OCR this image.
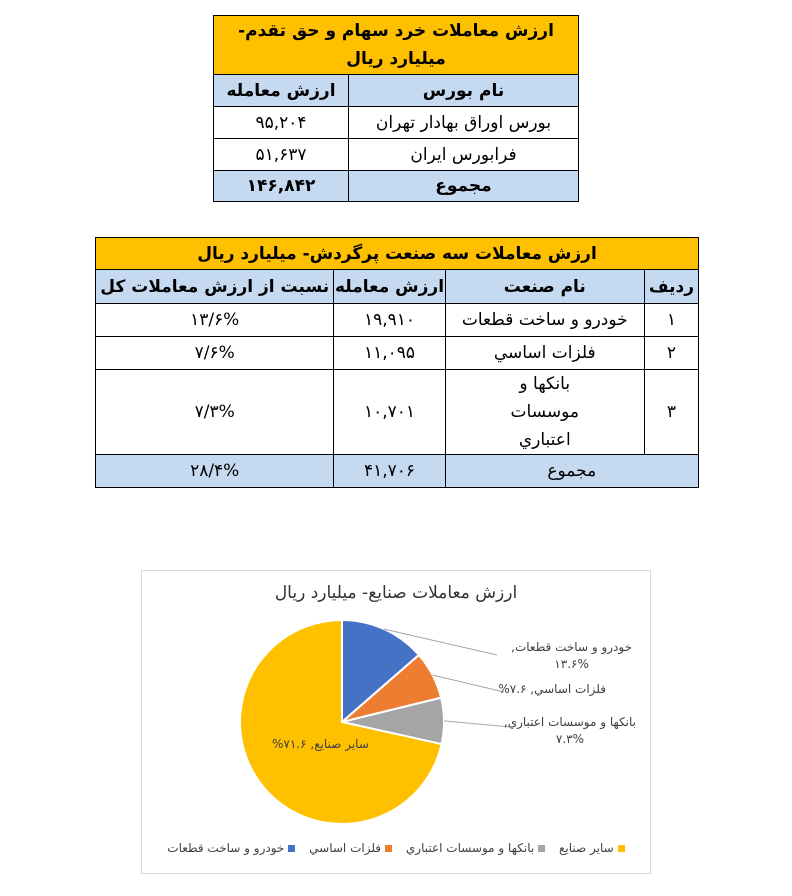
ارزش معاملات خرد سهام و حق تقدم- میلیارد ریال	
نام بورس	ارزش معامله
بورس اوراق بهادار تهران	۹۵,۲۰۴
فرابورس ایران	۵۱,۶۳۷
مجموع	۱۴۶,۸۴۲
ارزش معاملات سه صنعت پرگردش- میلیارد ریال			
ردیف	نام صنعت	ارزش معامله	نسبت از ارزش معاملات کل
۱	خودرو و ساخت قطعات	۱۹,۹۱۰	۱۳/۶%
۲	فلزات اساسي	۱۱,۰۹۵	۷/۶%
۳	بانكها و موسسات اعتباري	۱۰,۷۰۱	۷/۳%
مجموع		۴۱,۷۰۶	۲۸/۴%
ارزش معاملات صنایع- میلیارد ریال
خودرو و ساخت قطعات,
۱۳.۶%
فلزات اساسي, ۷.۶%
بانكها و موسسات اعتباري,
۷.۳%
ساير صنايع, ۷۱.۶%
ساير صنايع بانكها و موسسات اعتباري فلزات اساسي خودرو و ساخت قطعات
